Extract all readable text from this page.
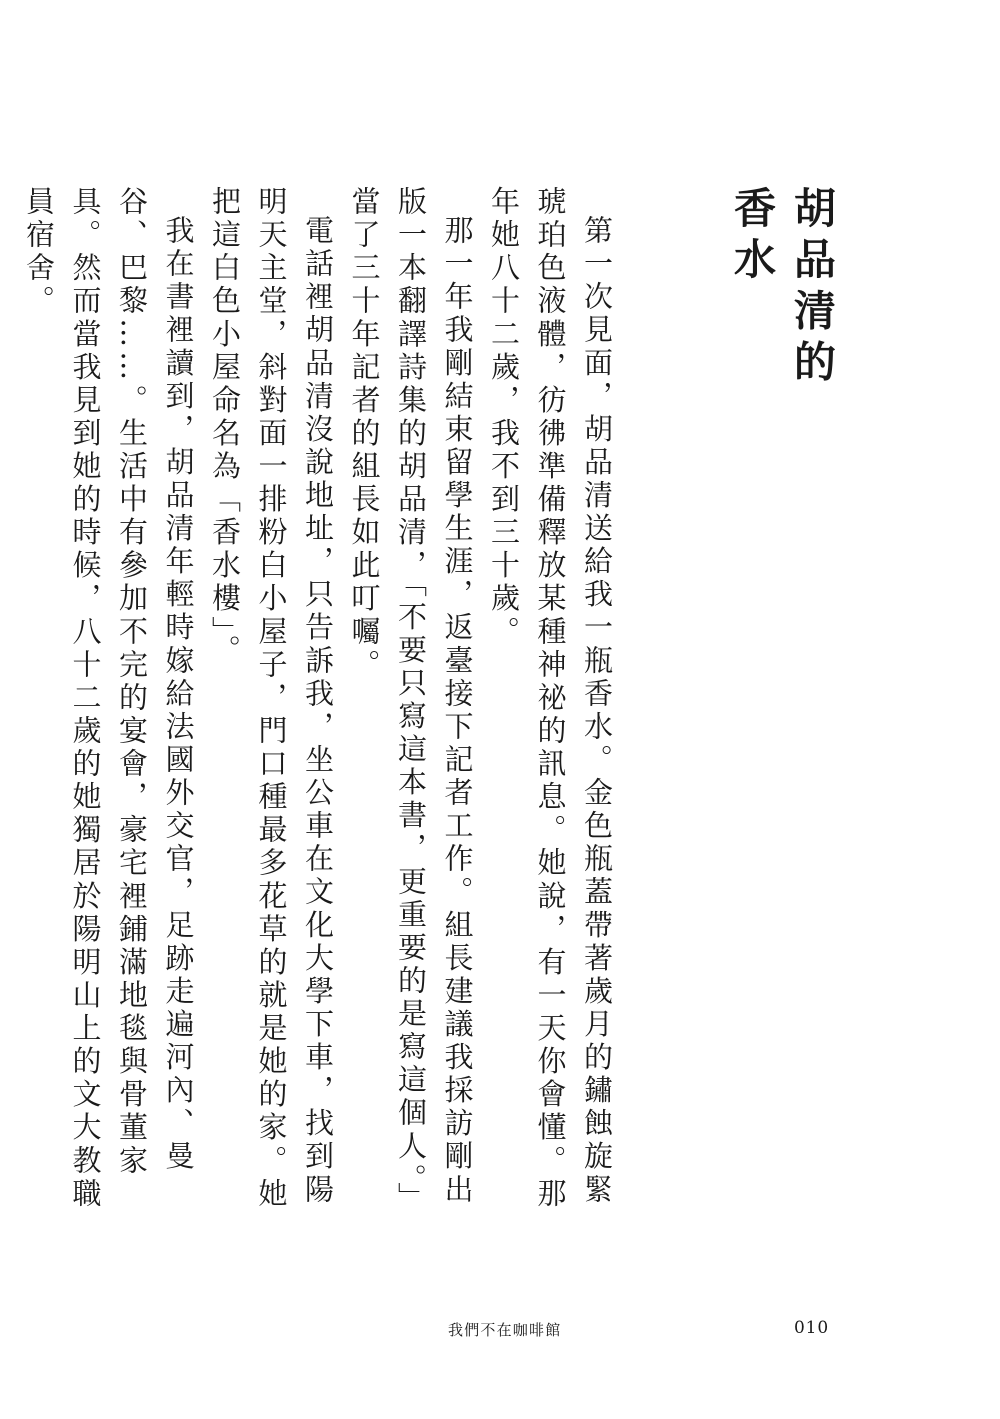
胡品清的香水

第一次見面，胡品清送給我一瓶香水。金色瓶蓋帶著歲月的鏽蝕旋緊琥珀色液體，彷彿準備釋放某種神祕的訊息。她說，有一天你會懂。那年她八十二歲，我不到三十歲。

那一年我剛結束留學生涯，返臺接下記者工作。組長建議我採訪剛出版一本翻譯詩集的胡品清，「不要只寫這本書，更重要的是寫這個人。」當了三十年記者的組長如此叮囑。

電話裡胡品清沒說地址，只告訴我，坐公車在文化大學下車，找到陽明天主堂，斜對面一排粉白小屋子，門口種最多花草的就是她的家。她把這白色小屋命名為「香水樓」。

我在書裡讀到，胡品清年輕時嫁給法國外交官，足跡走遍河內、曼谷、巴黎……。生活中有參加不完的宴會，豪宅裡鋪滿地毯與骨董家具。然而當我見到她的時候，八十二歲的她獨居於陽明山上的文大教職員宿舍。

我們不在咖啡館	010
